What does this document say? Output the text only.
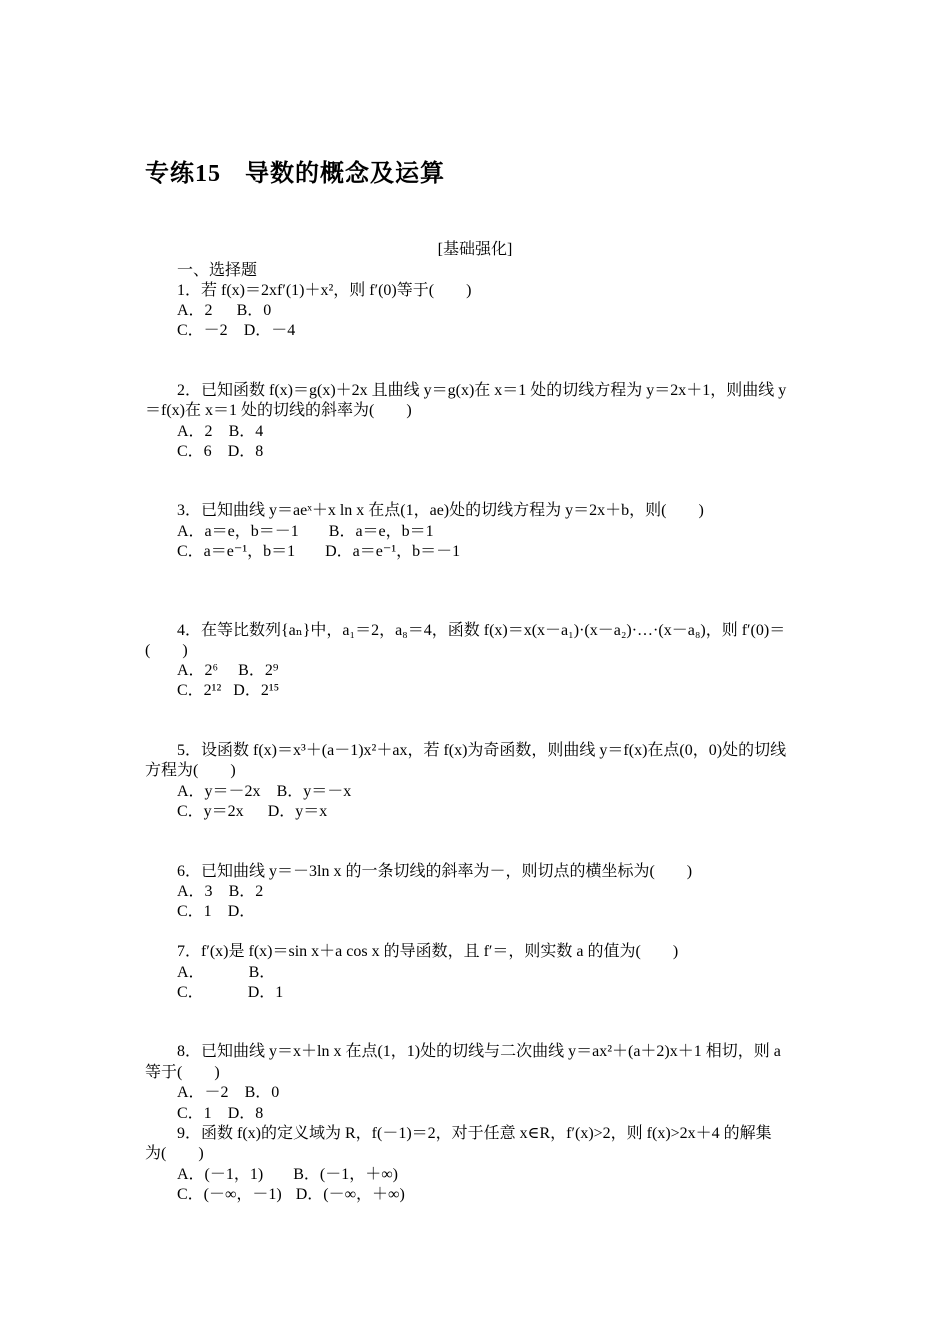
专练15 导数的概念及运算
[基础强化]
一、选择题
1．若 f(x)＝2xf′(1)＋x²，则 f′(0)等于(　　)
A．2 B．0
C．－2 D．－4
2．已知函数 f(x)＝g(x)＋2x 且曲线 y＝g(x)在 x＝1 处的切线方程为 y＝2x＋1，则曲线 y
＝f(x)在 x＝1 处的切线的斜率为(　　)
A．2 B．4
C．6 D．8
3．已知曲线 y＝aeˣ＋x ln x 在点(1，ae)处的切线方程为 y＝2x＋b，则(　　)
A．a＝e，b＝－1 B．a＝e，b＝1
C．a＝e⁻¹，b＝1 D．a＝e⁻¹，b＝－1
4．在等比数列{aₙ}中，a₁＝2，a₈＝4，函数 f(x)＝x(x－a₁)·(x－a₂)·…·(x－a₈)，则 f′(0)＝
(　　)
A．2⁶ B．2⁹
C．2¹² D．2¹⁵
5．设函数 f(x)＝x³＋(a－1)x²＋ax，若 f(x)为奇函数，则曲线 y＝f(x)在点(0，0)处的切线
方程为(　　)
A．y＝－2x B．y＝－x
C．y＝2x D．y＝x
6．已知曲线 y＝－3ln x 的一条切线的斜率为－，则切点的横坐标为(　　)
A．3 B．2
C．1 D．
7．f′(x)是 f(x)＝sin x＋a cos x 的导函数，且 f′＝，则实数 a 的值为(　　)
A．	B．
C．	D．1
8．已知曲线 y＝x＋ln x 在点(1，1)处的切线与二次曲线 y＝ax²＋(a＋2)x＋1 相切，则 a
等于(　　)
A．－2 B．0
C．1 D．8
9．函数 f(x)的定义域为 R，f(－1)＝2，对于任意 x∈R，f′(x)>2，则 f(x)>2x＋4 的解集
为(　　)
A．(－1，1) B．(－1，＋∞)
C．(－∞，－1) D．(－∞，＋∞)
